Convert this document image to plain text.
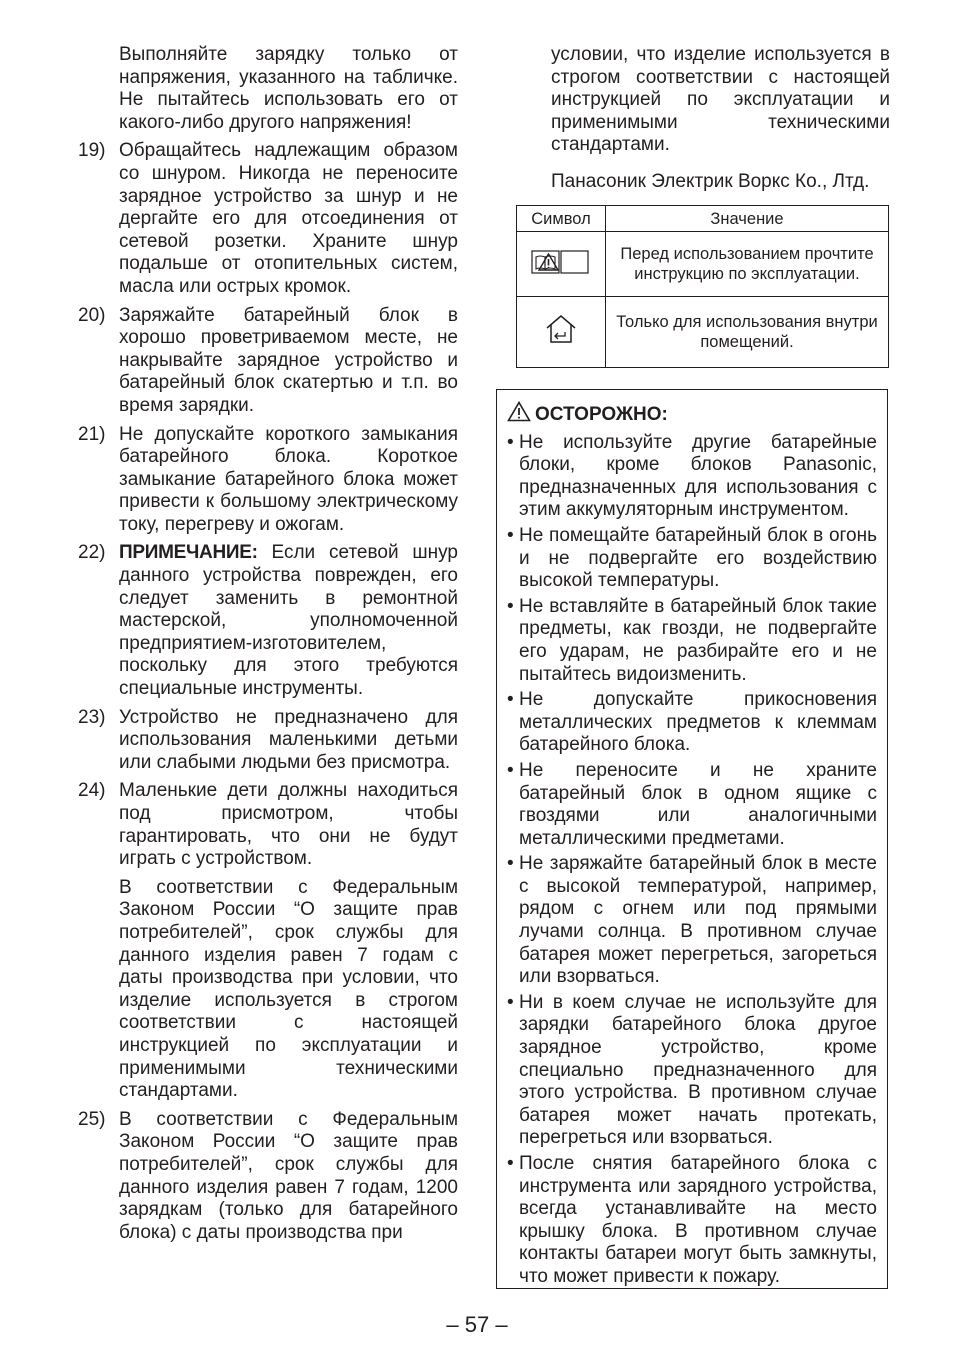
Выполняйте зарядку только от напряжения, указанного на табличке. Не пытайтесь использовать его от какого-либо другого напряжения!

19) Обращайтесь надлежащим образом со шнуром. Никогда не переносите зарядное устройство за шнур и не дергайте его для отсоединения от сетевой розетки. Храните шнур подальше от отопительных систем, масла или острых кромок.
20) Заряжайте батарейный блок в хорошо проветриваемом месте, не накрывайте зарядное устройство и батарейный блок скатертью и т.п. во время зарядки.
21) Не допускайте короткого замыкания батарейного блока. Короткое замыкание батарейного блока может привести к большому электрическому току, перегреву и ожогам.
22) ПРИМЕЧАНИЕ: Если сетевой шнур данного устройства поврежден, его следует заменить в ремонтной мастерской, уполномоченной предприятием-изготовителем, поскольку для этого требуются специальные инструменты.
23) Устройство не предназначено для использования маленькими детьми или слабыми людьми без присмотра.
24) Маленькие дети должны находиться под присмотром, чтобы гарантировать, что они не будут играть с устройством.

В соответствии с Федеральным Законом России “О защите прав потребителей”, срок службы для данного изделия равен 7 годам с даты производства при условии, что изделие используется в строгом соответствии с настоящей инструкцией по эксплуатации и применимыми техническими стандартами.

25) В соответствии с Федеральным Законом России “О защите прав потребителей”, срок службы для данного изделия равен 7 годам, 1200 зарядкам (только для батарейного блока) с даты производства при

условии, что изделие используется в строгом соответствии с настоящей инструкцией по эксплуатации и применимыми техническими стандартами.

Панасоник Электрик Воркс Ко., Лтд.

Символ	Значение
	Перед использованием прочтите инструкцию по эксплуатации.
	Только для использования внутри помещений.
ОСТОРОЖНО:
• Не используйте другие батарейные блоки, кроме блоков Panasonic, предназначенных для использования с этим аккумуляторным инструментом.
• Не помещайте батарейный блок в огонь и не подвергайте его воздействию высокой температуры.
• Не вставляйте в батарейный блок такие предметы, как гвозди, не подвергайте его ударам, не разбирайте его и не пытайтесь видоизменить.
• Не допускайте прикосновения металлических предметов к клеммам батарейного блока.
• Не переносите и не храните батарейный блок в одном ящике с гвоздями или аналогичными металлическими предметами.
• Не заряжайте батарейный блок в месте с высокой температурой, например, рядом с огнем или под прямыми лучами солнца. В противном случае батарея может перегреться, загореться или взорваться.
• Ни в коем случае не используйте для зарядки батарейного блока другое зарядное устройство, кроме специально предназначенного для этого устройства. В противном случае батарея может начать протекать, перегреться или взорваться.
• После снятия батарейного блока с инструмента или зарядного устройства, всегда устанавливайте на место крышку блока. В противном случае контакты батареи могут быть замкнуты, что может привести к пожару.
– 57 –
